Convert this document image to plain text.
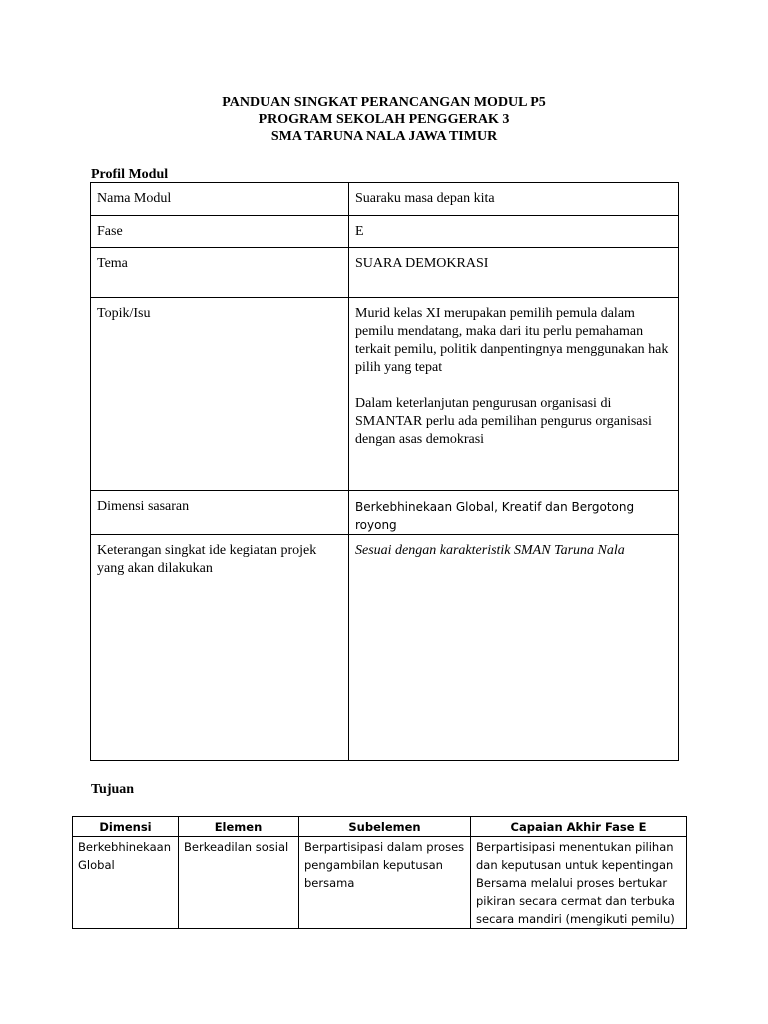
PANDUAN SINGKAT PERANCANGAN MODUL P5
PROGRAM SEKOLAH PENGGERAK 3
SMA TARUNA NALA JAWA TIMUR
Profil Modul
Nama Modul	Suaraku masa depan kita
Fase	E
Tema	SUARA DEMOKRASI
Topik/Isu	Murid kelas XI merupakan pemilih pemula dalam pemilu mendatang, maka dari itu perlu pemahaman terkait pemilu, politik danpentingnya menggunakan hak pilih yang tepat
Dalam keterlanjutan pengurusan organisasi di SMANTAR perlu ada pemilihan pengurus organisasi dengan asas demokrasi

Dimensi sasaran	Berkebhinekaan Global, Kreatif dan Bergotong royong
Keterangan singkat ide kegiatan projek yang akan dilakukan	Sesuai dengan karakteristik SMAN Taruna Nala
Tujuan
Dimensi	Elemen	Subelemen	Capaian Akhir Fase E
Berkebhinekaan Global	Berkeadilan sosial	Berpartisipasi dalam proses pengambilan keputusan bersama	Berpartisipasi menentukan pilihan dan keputusan untuk kepentingan Bersama melalui proses bertukar pikiran secara cermat dan terbuka secara mandiri (mengikuti pemilu)
